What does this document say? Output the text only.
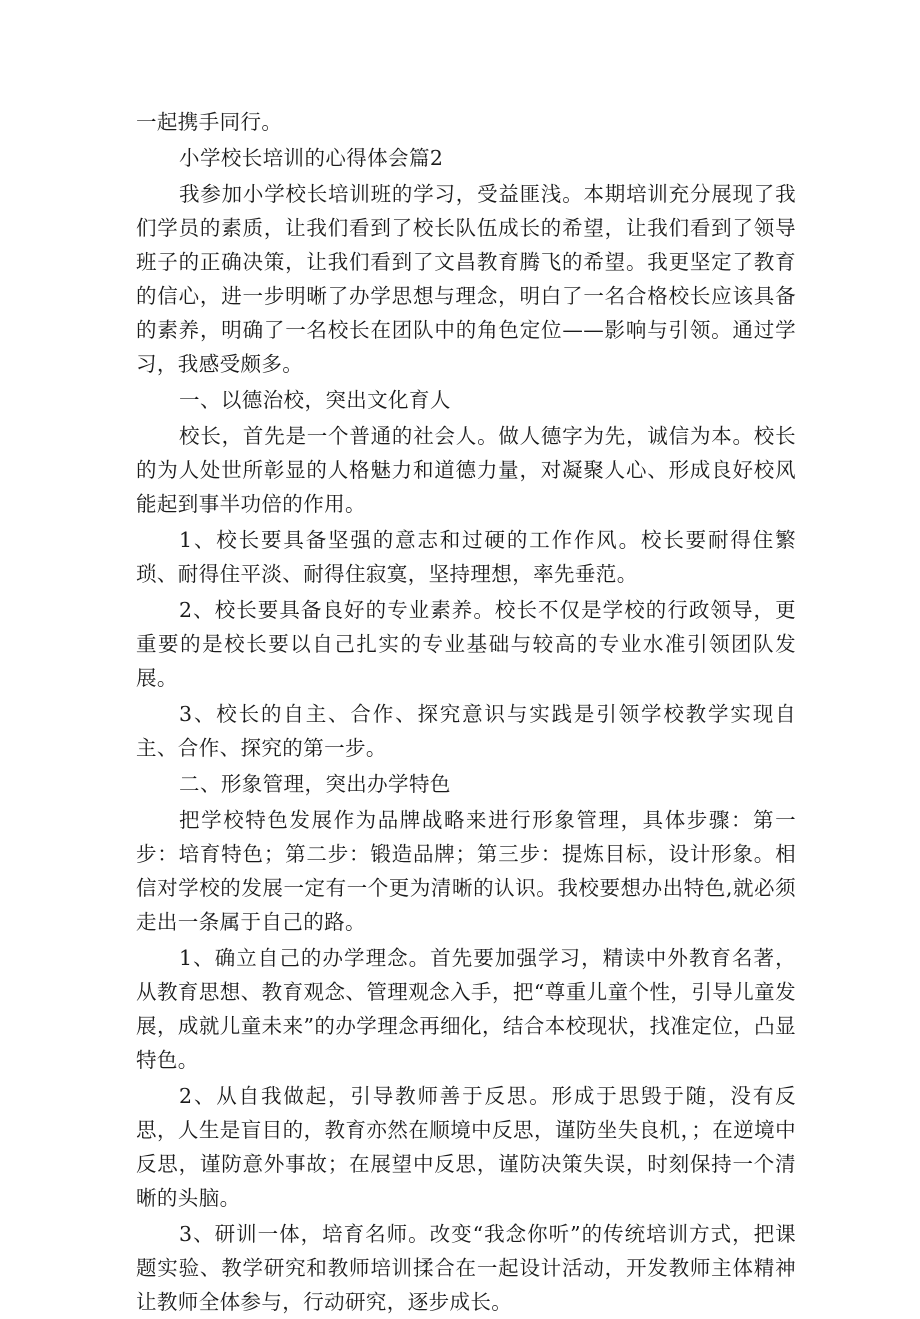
一起携手同行。

小学校长培训的心得体会篇2

我参加小学校长培训班的学习，受益匪浅。本期培训充分展现了我们学员的素质，让我们看到了校长队伍成长的希望，让我们看到了领导班子的正确决策，让我们看到了文昌教育腾飞的希望。我更坚定了教育的信心，进一步明晰了办学思想与理念，明白了一名合格校长应该具备的素养，明确了一名校长在团队中的角色定位——影响与引领。通过学习，我感受颇多。

一、以德治校，突出文化育人

校长，首先是一个普通的社会人。做人德字为先，诚信为本。校长的为人处世所彰显的人格魅力和道德力量，对凝聚人心、形成良好校风能起到事半功倍的作用。

1、校长要具备坚强的意志和过硬的工作作风。校长要耐得住繁琐、耐得住平淡、耐得住寂寞，坚持理想，率先垂范。

2、校长要具备良好的专业素养。校长不仅是学校的行政领导，更重要的是校长要以自己扎实的专业基础与较高的专业水准引领团队发展。

3、校长的自主、合作、探究意识与实践是引领学校教学实现自主、合作、探究的第一步。

二、形象管理，突出办学特色

把学校特色发展作为品牌战略来进行形象管理，具体步骤：第一步：培育特色；第二步：锻造品牌；第三步：提炼目标，设计形象。相信对学校的发展一定有一个更为清晰的认识。我校要想办出特色,就必须走出一条属于自己的路。

1、确立自己的办学理念。首先要加强学习，精读中外教育名著，从教育思想、教育观念、管理观念入手，把“尊重儿童个性，引导儿童发展，成就儿童未来”的办学理念再细化，结合本校现状，找准定位，凸显特色。

2、从自我做起，引导教师善于反思。形成于思毁于随，没有反思，人生是盲目的，教育亦然在顺境中反思，谨防坐失良机，；在逆境中反思，谨防意外事故；在展望中反思，谨防决策失误，时刻保持一个清晰的头脑。

3、研训一体，培育名师。改变“我念你听”的传统培训方式，把课题实验、教学研究和教师培训揉合在一起设计活动，开发教师主体精神让教师全体参与，行动研究，逐步成长。
